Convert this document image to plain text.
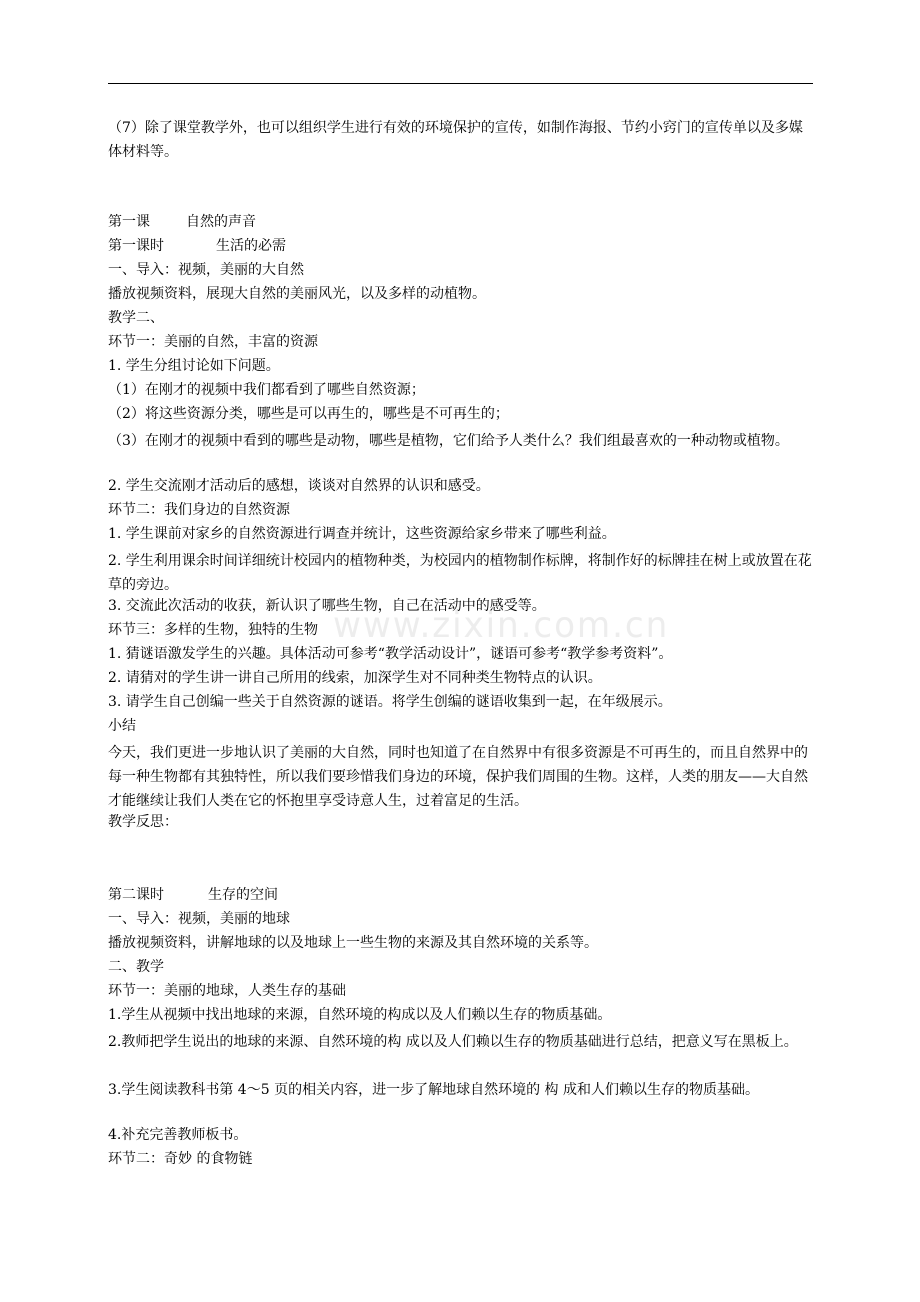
www.zixin.com.cn
（7）除了课堂教学外，也可以组织学生进行有效的环境保护的宣传，如制作海报、节约小窍门的宣传单以及多媒体材料等。
第一课	自然的声音
第一课时	生活的必需
一、导入：视频，美丽的大自然
播放视频资料，展现大自然的美丽风光，以及多样的动植物。
教学二、
环节一：美丽的自然，丰富的资源
1. 学生分组讨论如下问题。
（1）在刚才的视频中我们都看到了哪些自然资源；
（2）将这些资源分类，哪些是可以再生的，哪些是不可再生的；
（3）在刚才的视频中看到的哪些是动物，哪些是植物，它们给予人类什么？我们组最喜欢的一种动物或植物。
2. 学生交流刚才活动后的感想，谈谈对自然界的认识和感受。
环节二：我们身边的自然资源
1. 学生课前对家乡的自然资源进行调查并统计，这些资源给家乡带来了哪些利益。
2. 学生利用课余时间详细统计校园内的植物种类，为校园内的植物制作标牌，将制作好的标牌挂在树上或放置在花草的旁边。
3. 交流此次活动的收获，新认识了哪些生物，自己在活动中的感受等。
环节三：多样的生物，独特的生物
1. 猜谜语激发学生的兴趣。具体活动可参考“教学活动设计”，谜语可参考“教学参考资料”。
2. 请猜对的学生讲一讲自己所用的线索，加深学生对不同种类生物特点的认识。
3. 请学生自己创编一些关于自然资源的谜语。将学生创编的谜语收集到一起，在年级展示。
小结
今天，我们更进一步地认识了美丽的大自然，同时也知道了在自然界中有很多资源是不可再生的，而且自然界中的每一种生物都有其独特性，所以我们要珍惜我们身边的环境，保护我们周围的生物。这样，人类的朋友——大自然才能继续让我们人类在它的怀抱里享受诗意人生，过着富足的生活。
教学反思：
第二课时	生存的空间
一、导入：视频，美丽的地球
播放视频资料，讲解地球的以及地球上一些生物的来源及其自然环境的关系等。
二、教学
环节一：美丽的地球，人类生存的基础
1.学生从视频中找出地球的来源，自然环境的构成以及人们赖以生存的物质基础。
2.教师把学生说出的地球的来源、自然环境的构 成以及人们赖以生存的物质基础进行总结，把意义写在黑板上。
3.学生阅读教科书第 4～5 页的相关内容，进一步了解地球自然环境的 构 成和人们赖以生存的物质基础。
4.补充完善教师板书。
环节二：奇妙 的食物链
